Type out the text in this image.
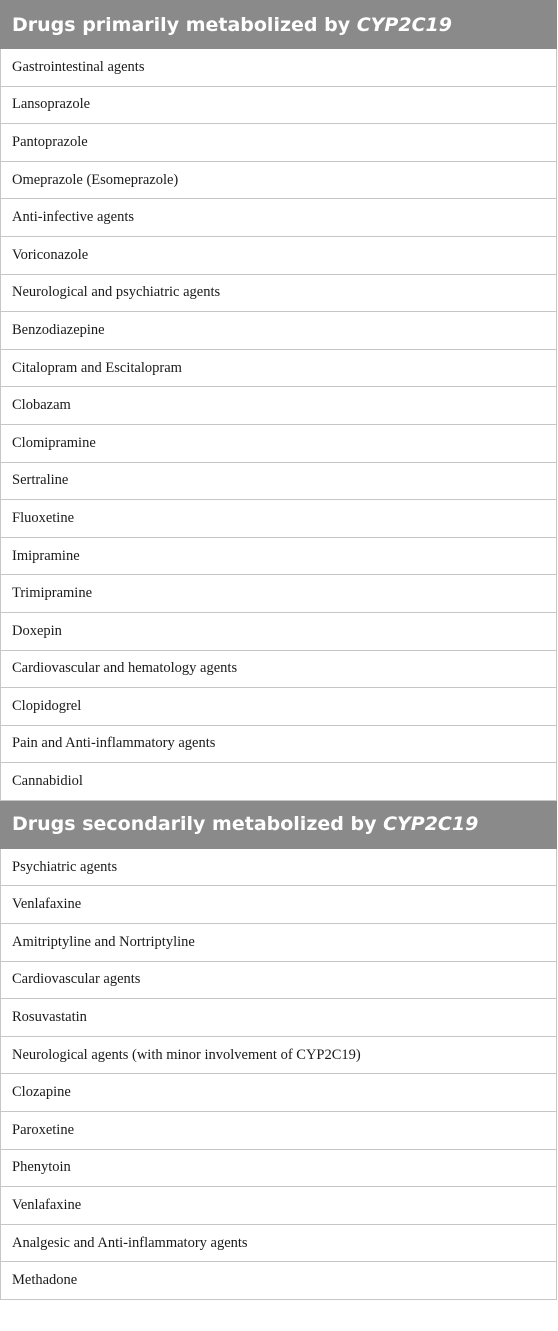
Drugs primarily metabolized by CYP2C19
Gastrointestinal agents
Lansoprazole
Pantoprazole
Omeprazole (Esomeprazole)
Anti-infective agents
Voriconazole
Neurological and psychiatric agents
Benzodiazepine
Citalopram and Escitalopram
Clobazam
Clomipramine
Sertraline
Fluoxetine
Imipramine
Trimipramine
Doxepin
Cardiovascular and hematology agents
Clopidogrel
Pain and Anti-inflammatory agents
Cannabidiol
Drugs secondarily metabolized by CYP2C19
Psychiatric agents
Venlafaxine
Amitriptyline and Nortriptyline
Cardiovascular agents
Rosuvastatin
Neurological agents (with minor involvement of CYP2C19)
Clozapine
Paroxetine
Phenytoin
Venlafaxine
Analgesic and Anti-inflammatory agents
Methadone
